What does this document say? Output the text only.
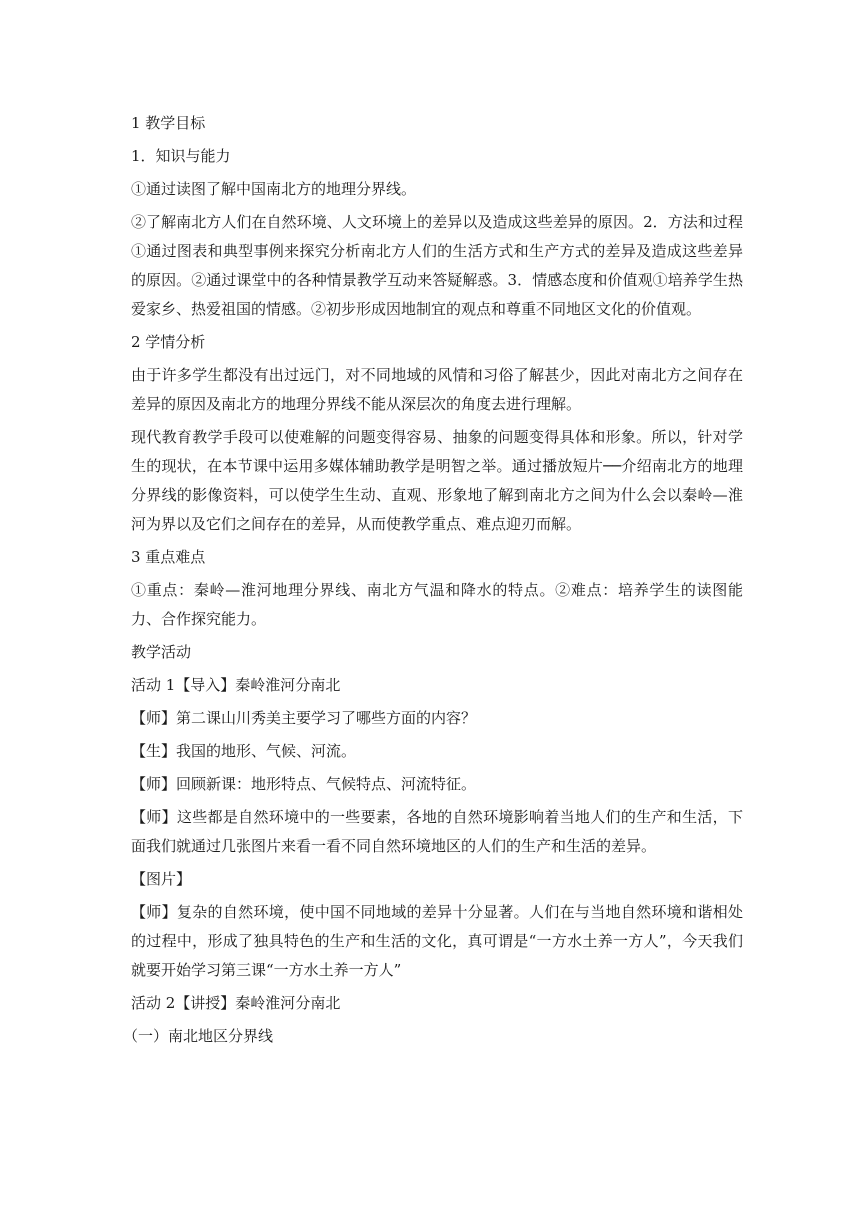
1 教学目标

1．知识与能力

①通过读图了解中国南北方的地理分界线。

②了解南北方人们在自然环境、人文环境上的差异以及造成这些差异的原因。2．方法和过程①通过图表和典型事例来探究分析南北方人们的生活方式和生产方式的差异及造成这些差异的原因。②通过课堂中的各种情景教学互动来答疑解惑。3．情感态度和价值观①培养学生热爱家乡、热爱祖国的情感。②初步形成因地制宜的观点和尊重不同地区文化的价值观。

2 学情分析

由于许多学生都没有出过远门，对不同地域的风情和习俗了解甚少，因此对南北方之间存在差异的原因及南北方的地理分界线不能从深层次的角度去进行理解。

现代教育教学手段可以使难解的问题变得容易、抽象的问题变得具体和形象。所以，针对学生的现状，在本节课中运用多媒体辅助教学是明智之举。通过播放短片──介绍南北方的地理分界线的影像资料，可以使学生生动、直观、形象地了解到南北方之间为什么会以秦岭—淮河为界以及它们之间存在的差异，从而使教学重点、难点迎刃而解。

3 重点难点

①重点：秦岭—淮河地理分界线、南北方气温和降水的特点。②难点：培养学生的读图能力、合作探究能力。

教学活动

活动 1【导入】秦岭淮河分南北

【师】第二课山川秀美主要学习了哪些方面的内容？

【生】我国的地形、气候、河流。

【师】回顾新课：地形特点、气候特点、河流特征。

【师】这些都是自然环境中的一些要素，各地的自然环境影响着当地人们的生产和生活，下面我们就通过几张图片来看一看不同自然环境地区的人们的生产和生活的差异。

【图片】

【师】复杂的自然环境，使中国不同地域的差异十分显著。人们在与当地自然环境和谐相处的过程中，形成了独具特色的生产和生活的文化，真可谓是“一方水土养一方人”，今天我们就要开始学习第三课“一方水土养一方人”

活动 2【讲授】秦岭淮河分南北

（一）南北地区分界线
